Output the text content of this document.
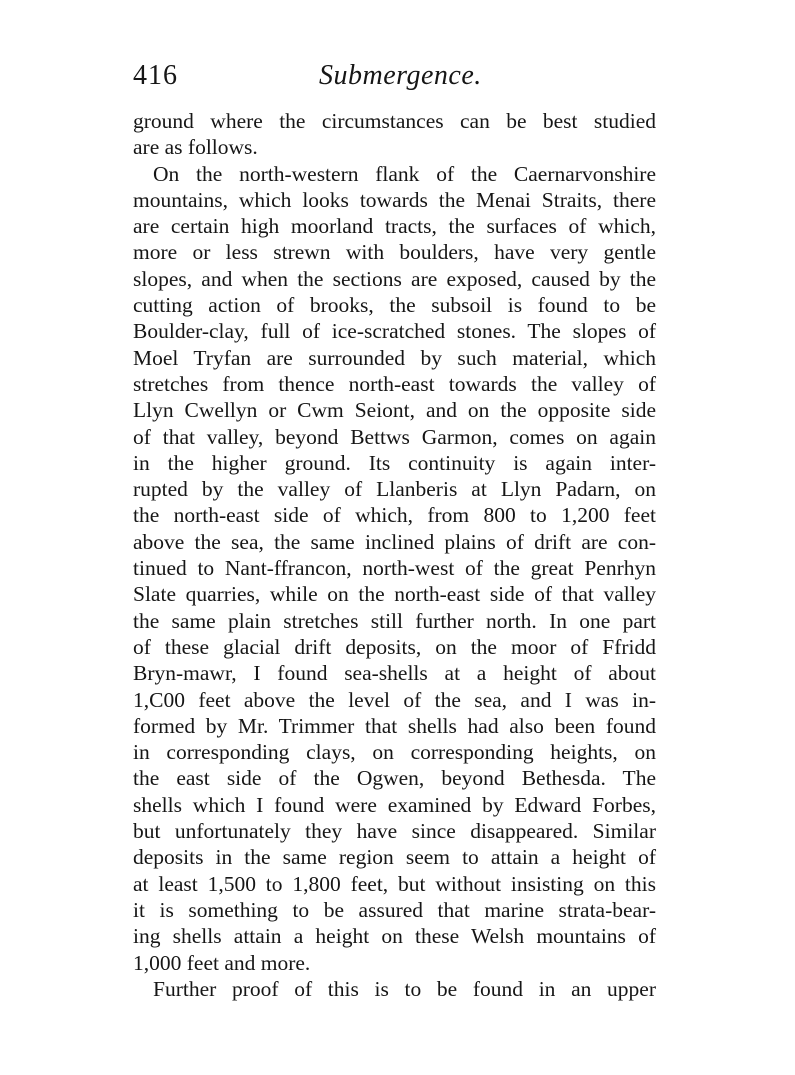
416	Submergence.
ground where the circumstances can be best studied
are as follows.
On the north-western flank of the Caernarvonshire
mountains, which looks towards the Menai Straits, there
are certain high moorland tracts, the surfaces of which,
more or less strewn with boulders, have very gentle
slopes, and when the sections are exposed, caused by the
cutting action of brooks, the subsoil is found to be
Boulder-clay, full of ice-scratched stones. The slopes of
Moel Tryfan are surrounded by such material, which
stretches from thence north-east towards the valley of
Llyn Cwellyn or Cwm Seiont, and on the opposite side
of that valley, beyond Bettws Garmon, comes on again
in the higher ground. Its continuity is again inter-
rupted by the valley of Llanberis at Llyn Padarn, on
the north-east side of which, from 800 to 1,200 feet
above the sea, the same inclined plains of drift are con-
tinued to Nant-ffrancon, north-west of the great Penrhyn
Slate quarries, while on the north-east side of that valley
the same plain stretches still further north. In one part
of these glacial drift deposits, on the moor of Ffridd
Bryn-mawr, I found sea-shells at a height of about
1,C00 feet above the level of the sea, and I was in-
formed by Mr. Trimmer that shells had also been found
in corresponding clays, on corresponding heights, on
the east side of the Ogwen, beyond Bethesda. The
shells which I found were examined by Edward Forbes,
but unfortunately they have since disappeared. Similar
deposits in the same region seem to attain a height of
at least 1,500 to 1,800 feet, but without insisting on this
it is something to be assured that marine strata-bear-
ing shells attain a height on these Welsh mountains of
1,000 feet and more.
Further proof of this is to be found in an upper
